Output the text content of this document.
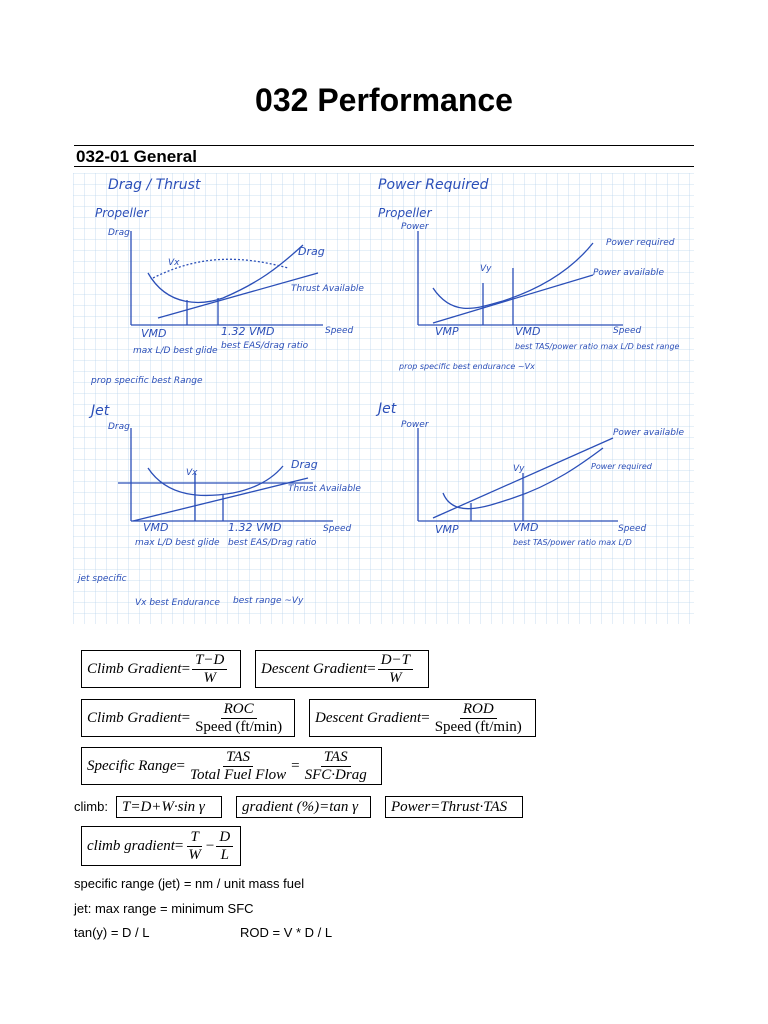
032 Performance
032-01 General
Drag / Thrust
Propeller
Drag
Drag
Thrust Available
Vx
VMD
max L/D best glide
1.32 VMD
best EAS/drag ratio
Speed
prop specific best Range
Power Required
Propeller
Power
Power required
Power available
Vy
VMP	VMD
best TAS/power ratio max L/D best range
prop specific best endurance ~Vx
Speed
Jet
Drag
Drag
Thrust Available
Vx
VMD
max L/D best glide
1.32 VMD
best EAS/Drag ratio
Speed
jet specific
Vx best Endurance best range ~Vy
Jet
Power
Power available
Power required
Vy
VMP	VMD
best TAS/power ratio max L/D
Speed
Climb Gradient = $\frac{T-D}{W}$ Descent Gradient = $\frac{D-T}{W}$
Climb Gradient = $\frac{\text{ROC}}{\text{Speed (ft/min)}}$ Descent Gradient = $\frac{\text{ROD}}{\text{Speed (ft/min)}}$
Specific Range = $\frac{\text{TAS}}{\text{Total Fuel Flow}} = \frac{\text{TAS}}{\text{SFC·Drag}}$
climb: T=D+W·sin γ	gradient (%)=tan γ	Power=Thrust·TAS
climb gradient = $\frac{T}{W} - \frac{D}{L}$
specific range (jet) = nm / unit mass fuel
jet: max range = minimum SFC
tan(y) = D / L	ROD = V * D / L
